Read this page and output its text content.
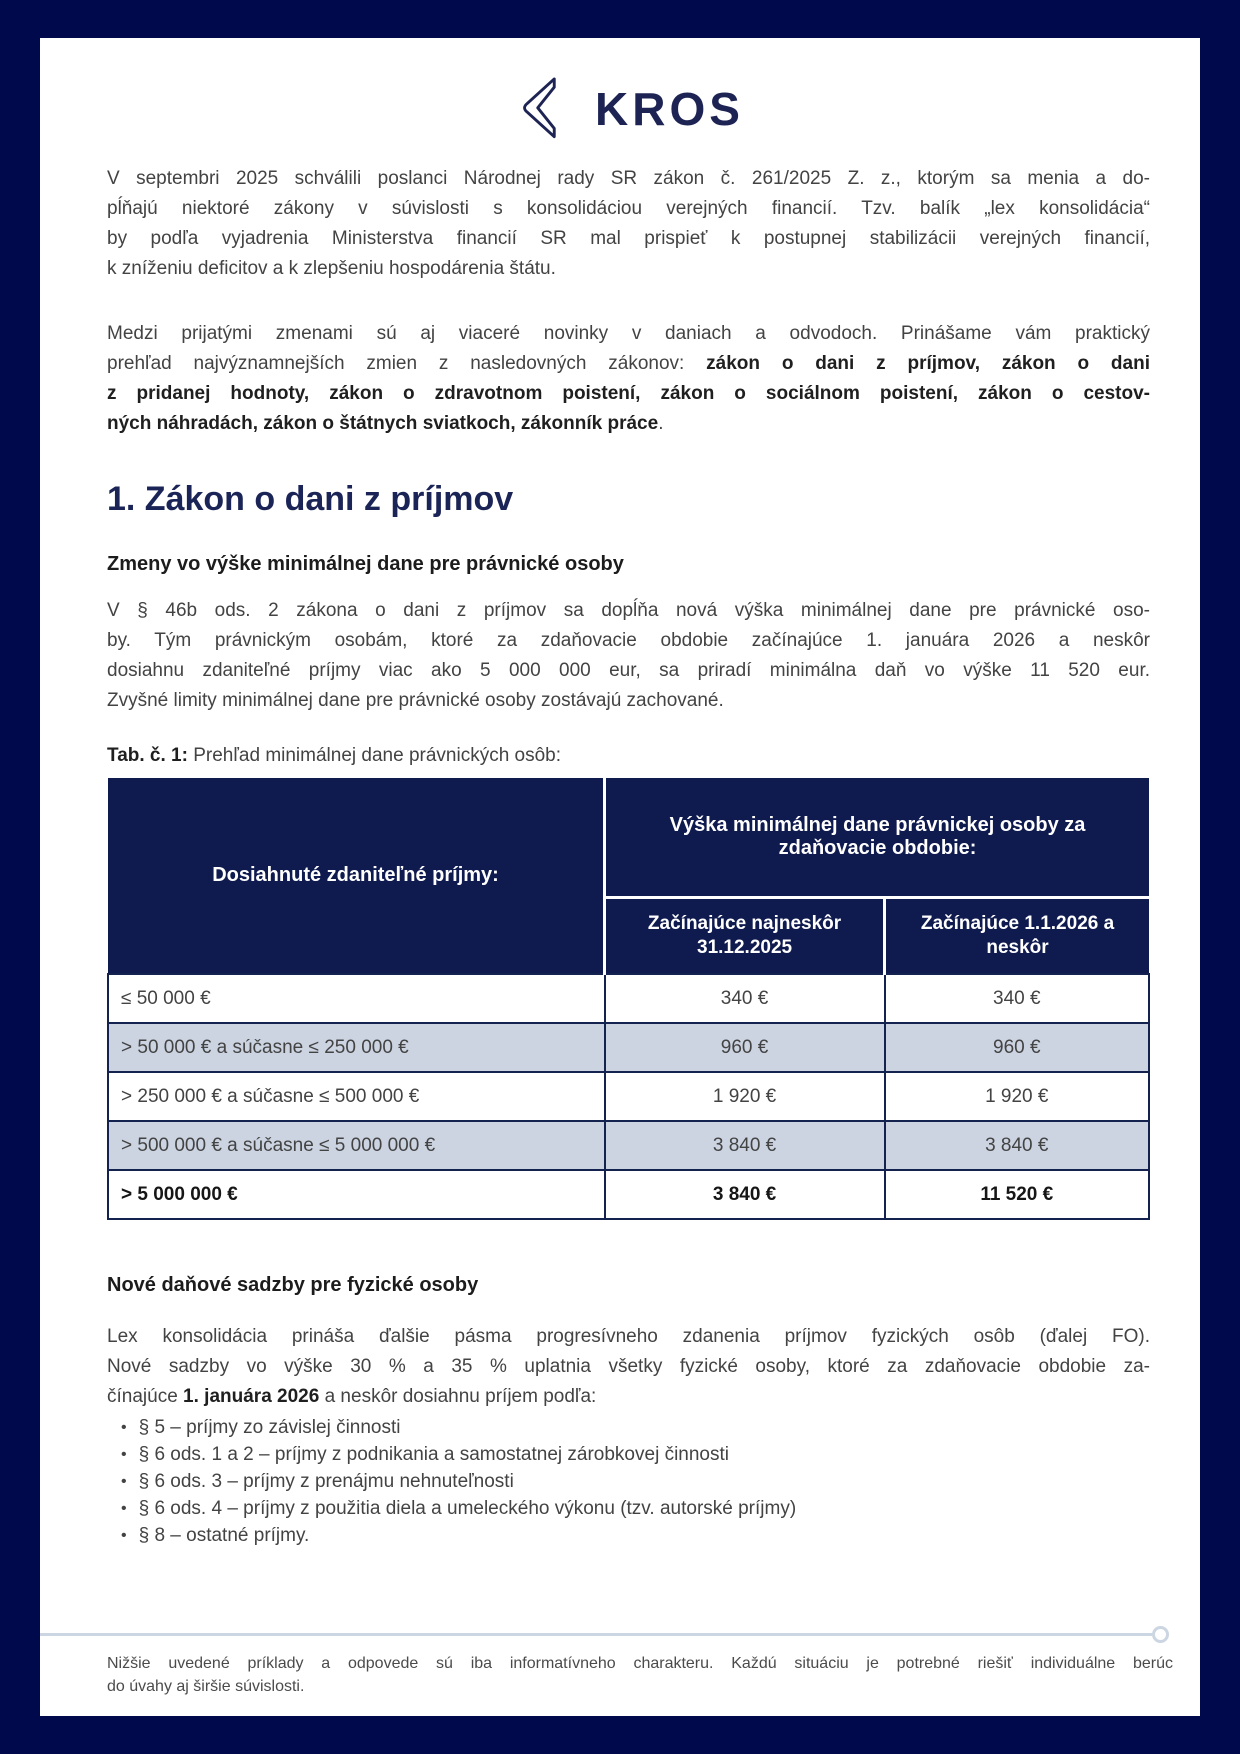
KROS
V septembri 2025 schválili poslanci Národnej rady SR zákon č. 261/2025 Z. z., ktorým sa menia a do-
pĺňajú niektoré zákony v súvislosti s konsolidáciou verejných financií. Tzv. balík „lex konsolidácia“
by podľa vyjadrenia Ministerstva financií SR mal prispieť k postupnej stabilizácii verejných financií,
k zníženiu deficitov a k zlepšeniu hospodárenia štátu.
Medzi prijatými zmenami sú aj viaceré novinky v daniach a odvodoch. Prinášame vám praktický
prehľad najvýznamnejších zmien z nasledovných zákonov: zákon o dani z príjmov, zákon o dani
z pridanej hodnoty, zákon o zdravotnom poistení, zákon o sociálnom poistení, zákon o cestov-
ných náhradách, zákon o štátnych sviatkoch, zákonník práce.
1. Zákon o dani z príjmov
Zmeny vo výške minimálnej dane pre právnické osoby
V § 46b ods. 2 zákona o dani z príjmov sa dopĺňa nová výška minimálnej dane pre právnické oso-
by. Tým právnickým osobám, ktoré za zdaňovacie obdobie začínajúce 1. januára 2026 a neskôr
dosiahnu zdaniteľné príjmy viac ako 5 000 000 eur, sa priradí minimálna daň vo výške 11 520 eur.
Zvyšné limity minimálnej dane pre právnické osoby zostávajú zachované.
Tab. č. 1: Prehľad minimálnej dane právnických osôb:
Dosiahnuté zdaniteľné príjmy:	Výška minimálnej dane právnickej osoby za zdaňovacie obdobie:	
	Začínajúce najneskôr 31.12.2025	Začínajúce 1.1.2026 a neskôr
≤ 50 000 €	340 €	340 €
> 50 000 € a súčasne ≤ 250 000 €	960 €	960 €
> 250 000 € a súčasne ≤ 500 000 €	1 920 €	1 920 €
> 500 000 € a súčasne ≤ 5 000 000 €	3 840 €	3 840 €
> 5 000 000 €	3 840 €	11 520 €
Nové daňové sadzby pre fyzické osoby
Lex konsolidácia prináša ďalšie pásma progresívneho zdanenia príjmov fyzických osôb (ďalej FO).
Nové sadzby vo výške 30 % a 35 % uplatnia všetky fyzické osoby, ktoré za zdaňovacie obdobie za-
čínajúce 1. januára 2026 a neskôr dosiahnu príjem podľa:
• § 5 – príjmy zo závislej činnosti
• § 6 ods. 1 a 2 – príjmy z podnikania a samostatnej zárobkovej činnosti
• § 6 ods. 3 – príjmy z prenájmu nehnuteľnosti
• § 6 ods. 4 – príjmy z použitia diela a umeleckého výkonu (tzv. autorské príjmy)
• § 8 – ostatné príjmy.
Nižšie uvedené príklady a odpovede sú iba informatívneho charakteru. Každú situáciu je potrebné riešiť individuálne berúc
do úvahy aj širšie súvislosti.
